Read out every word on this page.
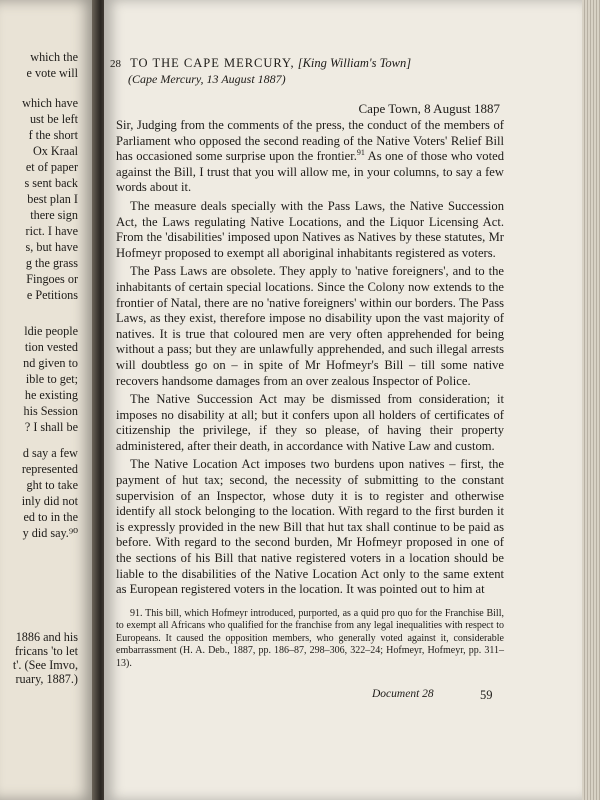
which the
e vote will
which have
ust be left
f the short
Ox Kraal
et of paper
s sent back
best plan I
there sign
rict. I have
s, but have
g the grass
Fingoes or
e Petitions
ldie people
tion vested
nd given to
ible to get;
he existing
his Session
? I shall be
d say a few
represented
ght to take
inly did not
ed to in the
y did say.⁹⁰
1886 and his
fricans 'to let
t'. (See Imvo,
ruary, 1887.)
28 TO THE CAPE MERCURY, [King William's Town]
(Cape Mercury, 13 August 1887)
Cape Town, 8 August 1887

Sir, Judging from the comments of the press, the conduct of the members of Parliament who opposed the second reading of the Native Voters' Relief Bill has occasioned some surprise upon the frontier.$^{91}$ As one of those who voted against the Bill, I trust that you will allow me, in your columns, to say a few words about it.

The measure deals specially with the Pass Laws, the Native Succession Act, the Laws regulating Native Locations, and the Liquor Licensing Act. From the 'disabilities' imposed upon Natives as Natives by these statutes, Mr Hofmeyr proposed to exempt all aboriginal inhabitants registered as voters.

The Pass Laws are obsolete. They apply to 'native foreigners', and to the inhabitants of certain special locations. Since the Colony now extends to the frontier of Natal, there are no 'native foreigners' within our borders. The Pass Laws, as they exist, therefore impose no disability upon the vast majority of natives. It is true that coloured men are very often apprehended for being without a pass; but they are unlawfully apprehended, and such illegal arrests will doubtless go on – in spite of Mr Hofmeyr's Bill – till some native recovers handsome damages from an over zealous Inspector of Police.

The Native Succession Act may be dismissed from consideration; it imposes no disability at all; but it confers upon all holders of certificates of citizenship the privilege, if they so please, of having their property administered, after their death, in accordance with Native Law and custom.

The Native Location Act imposes two burdens upon natives – first, the payment of hut tax; second, the necessity of submitting to the constant supervision of an Inspector, whose duty it is to register and otherwise identify all stock belonging to the location. With regard to the first burden it is expressly provided in the new Bill that hut tax shall continue to be paid as before. With regard to the second burden, Mr Hofmeyr proposed in one of the sections of his Bill that native registered voters in a location should be liable to the disabilities of the Native Location Act only to the same extent as European registered voters in the location. It was pointed out to him at

91. This bill, which Hofmeyr introduced, purported, as a quid pro quo for the Franchise Bill, to exempt all Africans who qualified for the franchise from any legal inequalities with respect to Europeans. It caused the opposition members, who generally voted against it, considerable embarrassment (H. A. Deb., 1887, pp. 186–87, 298–306, 322–24; Hofmeyr, Hofmeyr, pp. 311–13).
Document 28	59
